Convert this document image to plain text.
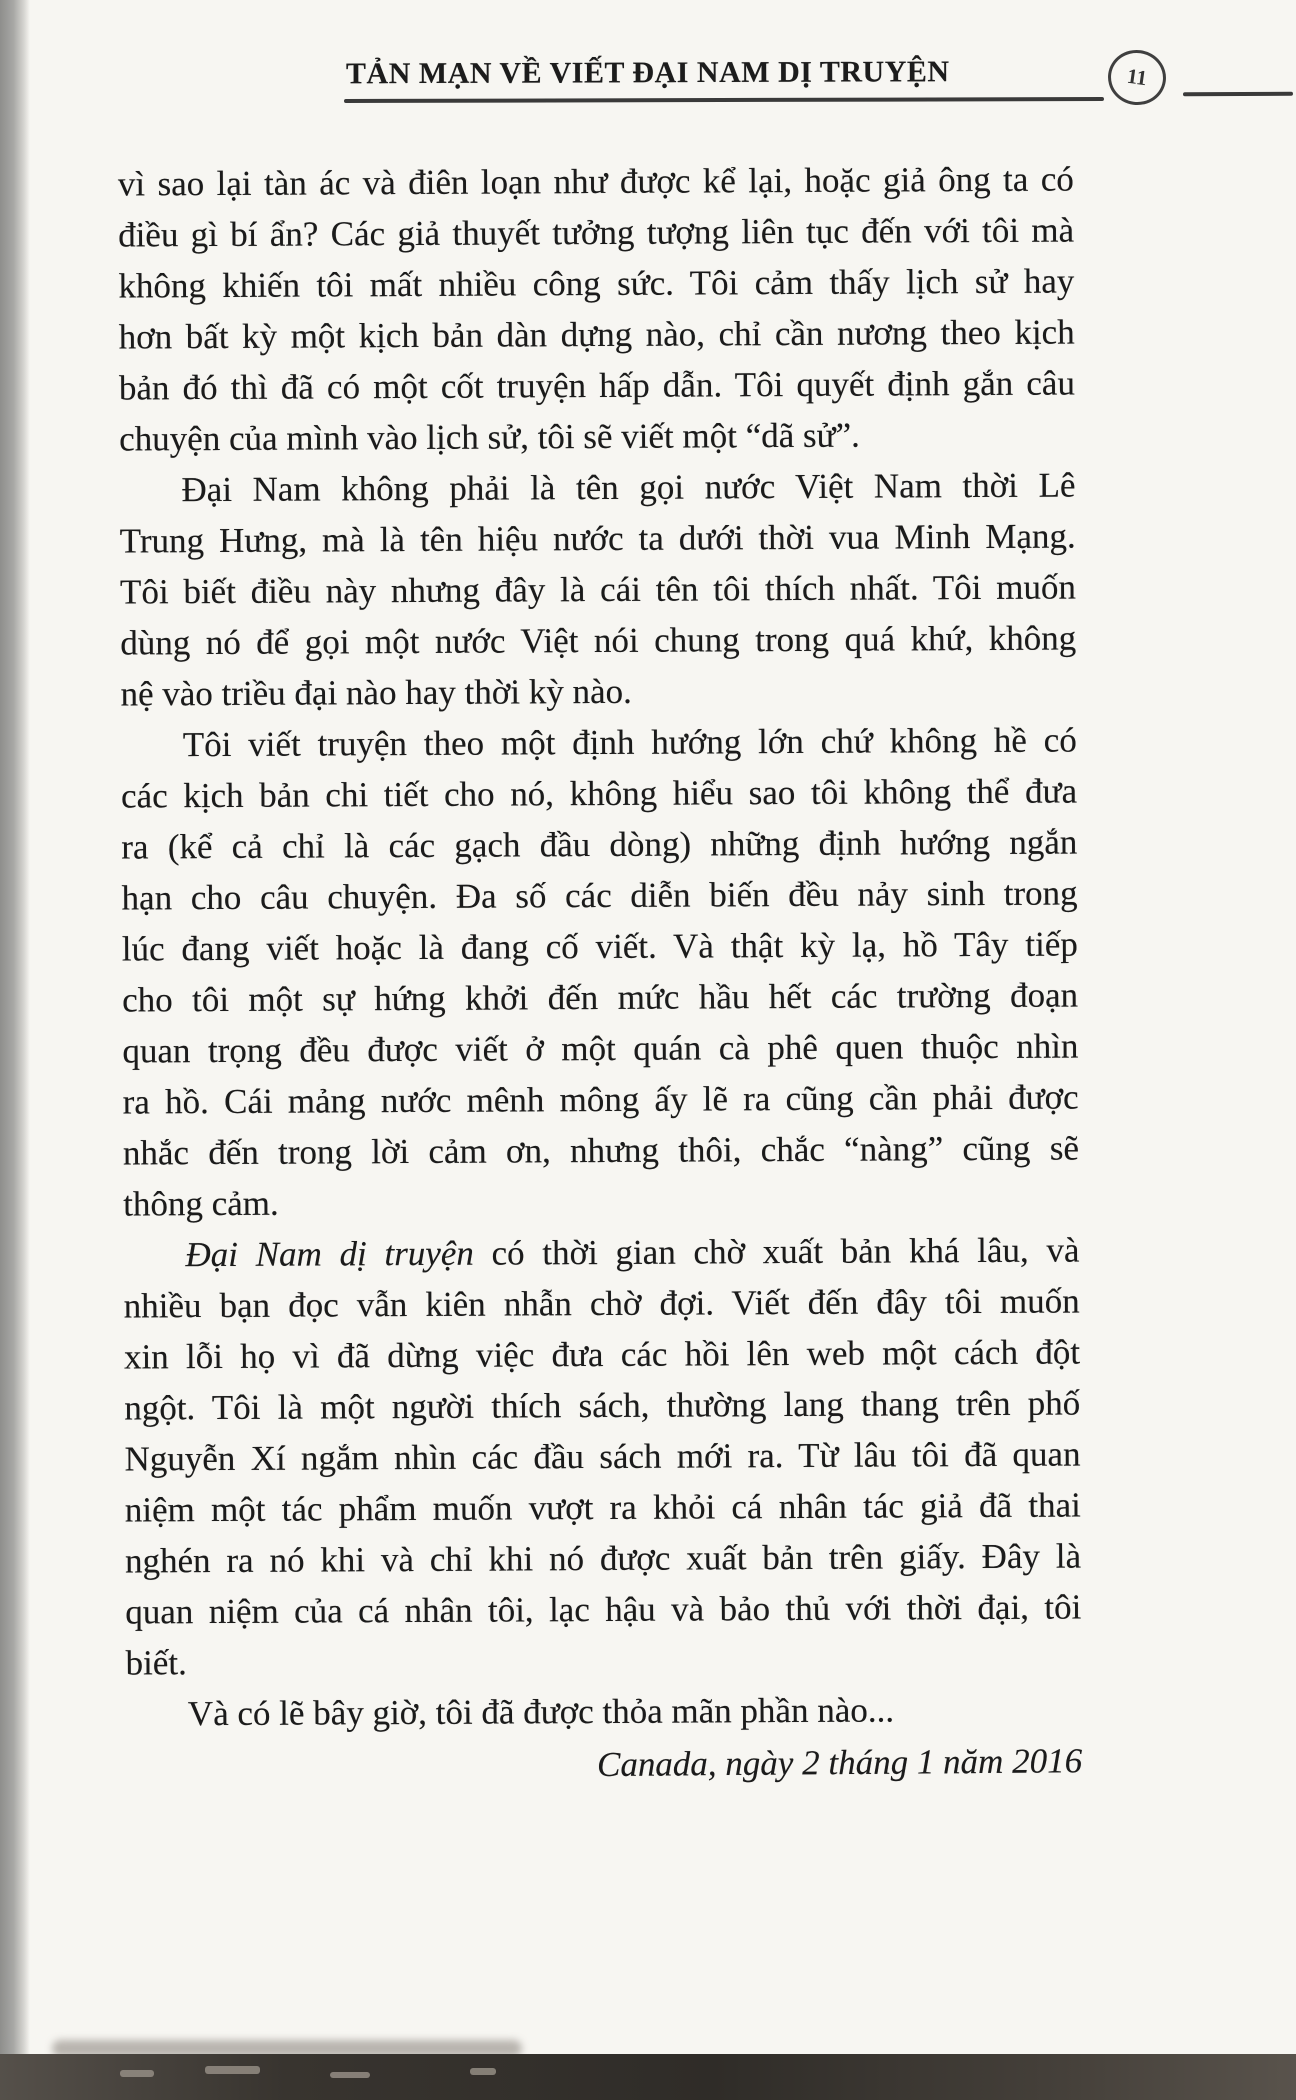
TẢN MẠN VỀ VIẾT ĐẠI NAM DỊ TRUYỆN	11
vì sao lại tàn ác và điên loạn như được kể lại, hoặc giả ông ta có
điều gì bí ẩn? Các giả thuyết tưởng tượng liên tục đến với tôi mà
không khiến tôi mất nhiều công sức. Tôi cảm thấy lịch sử hay
hơn bất kỳ một kịch bản dàn dựng nào, chỉ cần nương theo kịch
bản đó thì đã có một cốt truyện hấp dẫn. Tôi quyết định gắn câu
chuyện của mình vào lịch sử, tôi sẽ viết một “dã sử”.
Đại Nam không phải là tên gọi nước Việt Nam thời Lê
Trung Hưng, mà là tên hiệu nước ta dưới thời vua Minh Mạng.
Tôi biết điều này nhưng đây là cái tên tôi thích nhất. Tôi muốn
dùng nó để gọi một nước Việt nói chung trong quá khứ, không
nệ vào triều đại nào hay thời kỳ nào.
Tôi viết truyện theo một định hướng lớn chứ không hề có
các kịch bản chi tiết cho nó, không hiểu sao tôi không thể đưa
ra (kể cả chỉ là các gạch đầu dòng) những định hướng ngắn
hạn cho câu chuyện. Đa số các diễn biến đều nảy sinh trong
lúc đang viết hoặc là đang cố viết. Và thật kỳ lạ, hồ Tây tiếp
cho tôi một sự hứng khởi đến mức hầu hết các trường đoạn
quan trọng đều được viết ở một quán cà phê quen thuộc nhìn
ra hồ. Cái mảng nước mênh mông ấy lẽ ra cũng cần phải được
nhắc đến trong lời cảm ơn, nhưng thôi, chắc “nàng” cũng sẽ
thông cảm.
Đại Nam dị truyện có thời gian chờ xuất bản khá lâu, và
nhiều bạn đọc vẫn kiên nhẫn chờ đợi. Viết đến đây tôi muốn
xin lỗi họ vì đã dừng việc đưa các hồi lên web một cách đột
ngột. Tôi là một người thích sách, thường lang thang trên phố
Nguyễn Xí ngắm nhìn các đầu sách mới ra. Từ lâu tôi đã quan
niệm một tác phẩm muốn vượt ra khỏi cá nhân tác giả đã thai
nghén ra nó khi và chỉ khi nó được xuất bản trên giấy. Đây là
quan niệm của cá nhân tôi, lạc hậu và bảo thủ với thời đại, tôi
biết.
Và có lẽ bây giờ, tôi đã được thỏa mãn phần nào...
Canada, ngày 2 tháng 1 năm 2016
